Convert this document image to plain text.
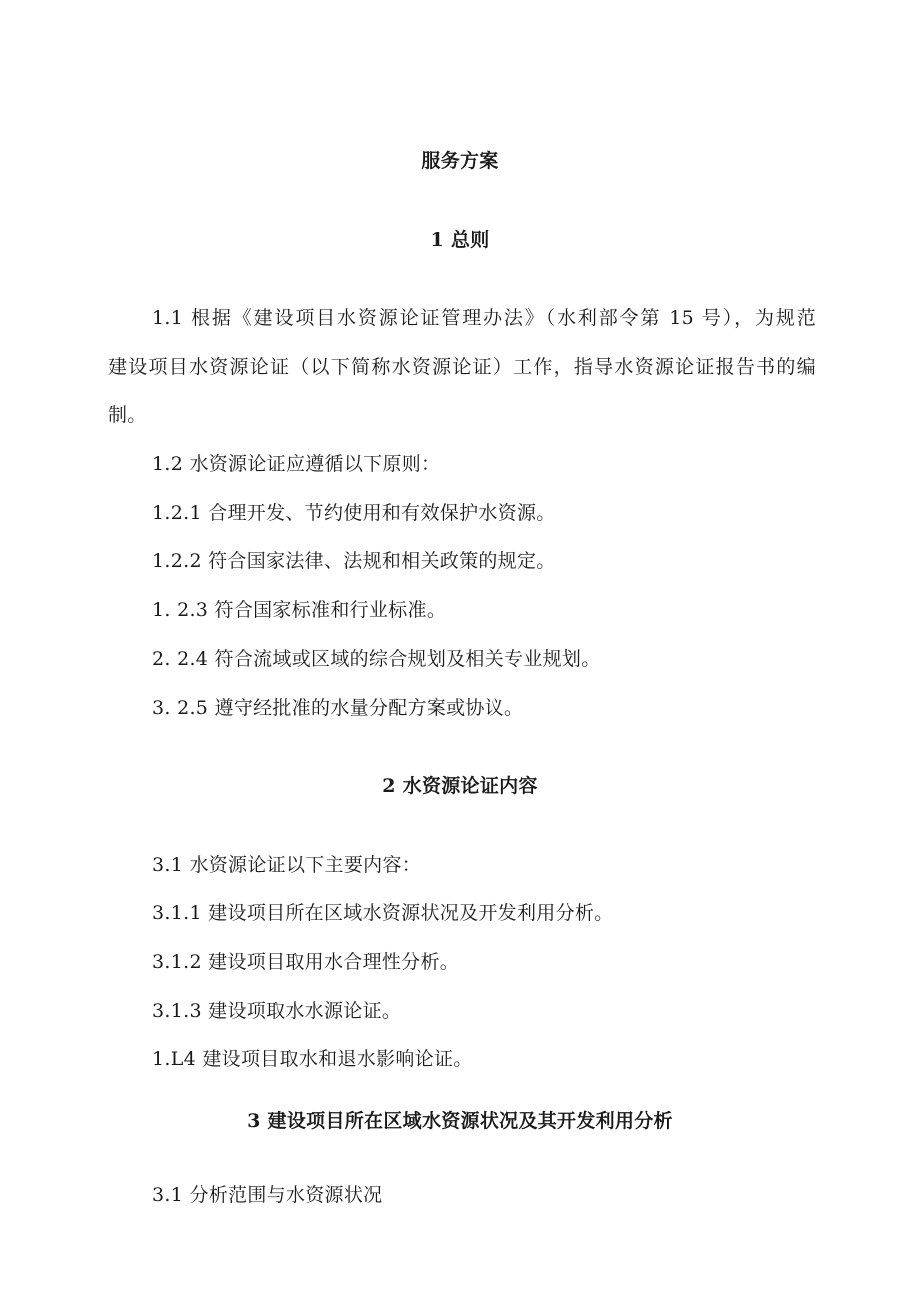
服务方案
1 总则
1.1 根据《建设项目水资源论证管理办法》（水利部令第 15 号），为规范
建设项目水资源论证（以下简称水资源论证）工作，指导水资源论证报告书的编
制。
1.2 水资源论证应遵循以下原则：
1.2.1 合理开发、节约使用和有效保护水资源。
1.2.2 符合国家法律、法规和相关政策的规定。
1. 2.3 符合国家标准和行业标准。
2. 2.4 符合流域或区域的综合规划及相关专业规划。
3. 2.5 遵守经批准的水量分配方案或协议。
2 水资源论证内容
3.1 水资源论证以下主要内容：
3.1.1 建设项目所在区域水资源状况及开发利用分析。
3.1.2 建设项目取用水合理性分析。
3.1.3 建设项取水水源论证。
1.L4 建设项目取水和退水影响论证。
3 建设项目所在区域水资源状况及其开发利用分析
3.1 分析范围与水资源状况
